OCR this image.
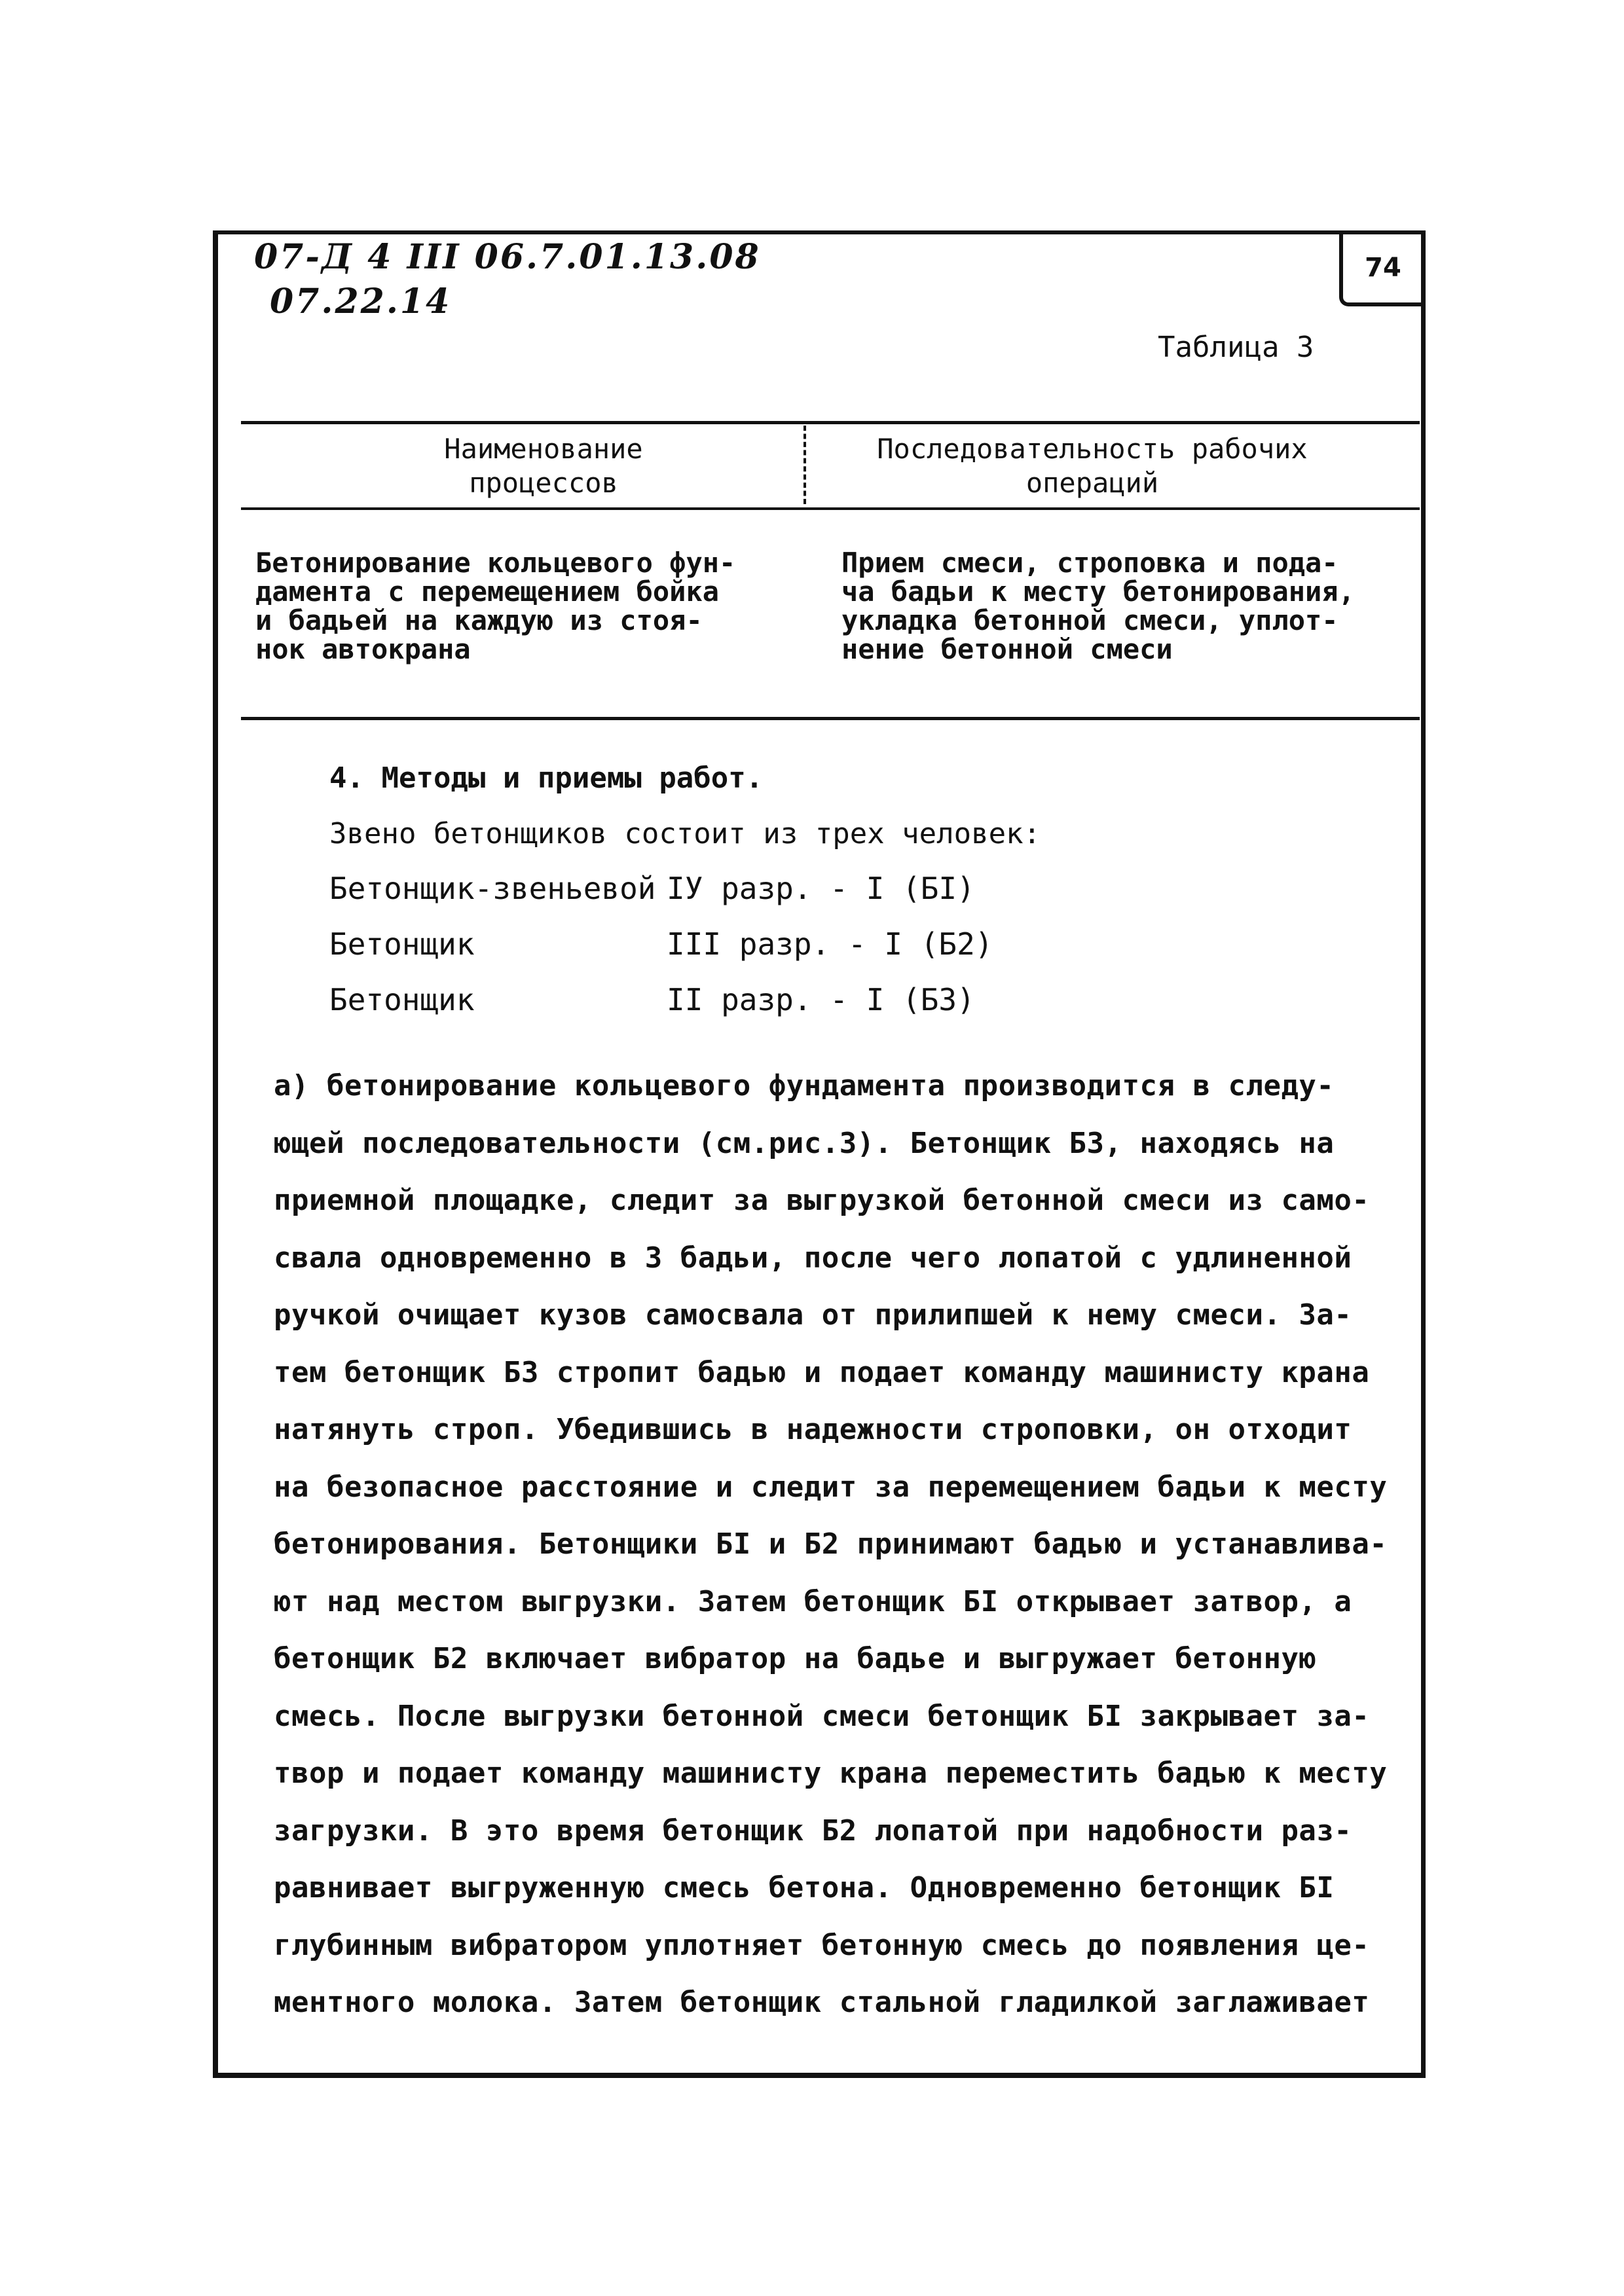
07-Д 4 III 06.7.01.13.08
07.22.14
74
Таблица 3
Наименование
процессов
Последовательность рабочих
операций
Бетонирование кольцевого фун-
дамента с перемещением бойка
и бадьей на каждую из стоя-
нок автокрана
Прием смеси, строповка и пода-
ча бадьи к месту бетонирования,
укладка бетонной смеси, уплот-
нение бетонной смеси
4. Методы и приемы работ.
Звено бетонщиков состоит из трех человек:
Бетонщик-звеньевой IУ разр. - I (БI)
Бетонщик	III разр. - I (Б2)
Бетонщик	II разр. - I (Б3)
а) бетонирование кольцевого фундамента производится в следу-
ющей последовательности (см.рис.3). Бетонщик Б3, находясь на
приемной площадке, следит за выгрузкой бетонной смеси из само-
свала одновременно в 3 бадьи, после чего лопатой с удлиненной
ручкой очищает кузов самосвала от прилипшей к нему смеси. За-
тем бетонщик Б3 стропит бадью и подает команду машинисту крана
натянуть строп. Убедившись в надежности строповки, он отходит
на безопасное расстояние и следит за перемещением бадьи к месту
бетонирования. Бетонщики БI и Б2 принимают бадью и устанавлива-
ют над местом выгрузки. Затем бетонщик БI открывает затвор, а
бетонщик Б2 включает вибратор на бадье и выгружает бетонную
смесь. После выгрузки бетонной смеси бетонщик БI закрывает за-
твор и подает команду машинисту крана переместить бадью к месту
загрузки. В это время бетонщик Б2 лопатой при надобности раз-
равнивает выгруженную смесь бетона. Одновременно бетонщик БI
глубинным вибратором уплотняет бетонную смесь до появления це-
ментного молока. Затем бетонщик стальной гладилкой заглаживает
